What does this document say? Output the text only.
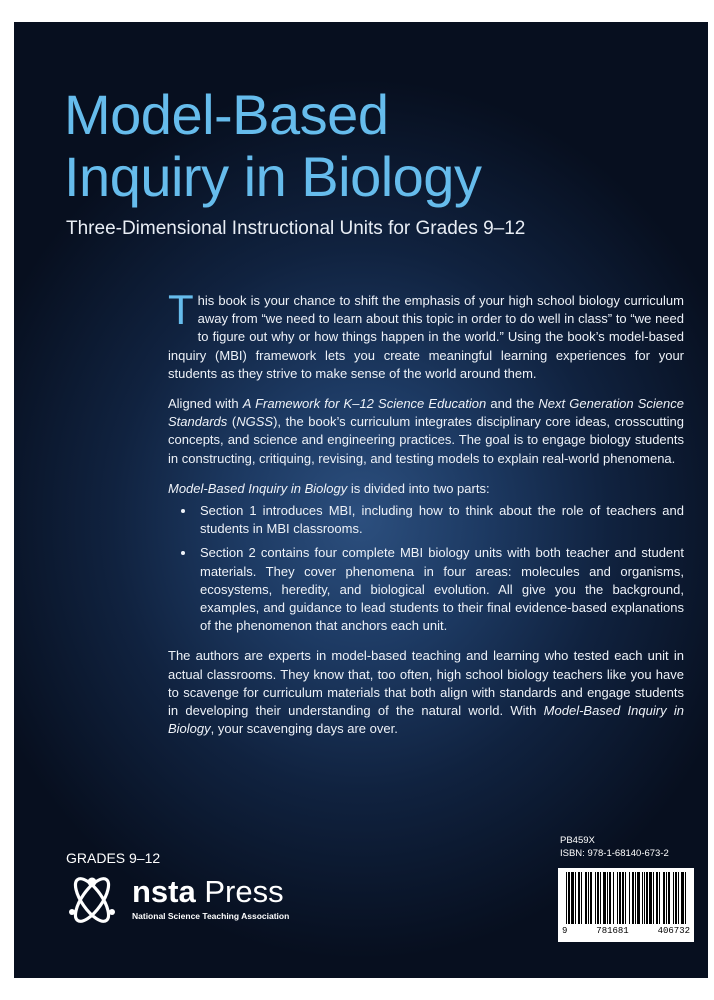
Model-Based
Inquiry in Biology
Three-Dimensional Instructional Units for Grades 9–12

This book is your chance to shift the emphasis of your high school biology curriculum away from “we need to learn about this topic in order to do well in class” to “we need to figure out why or how things happen in the world.” Using the book’s model-based inquiry (MBI) framework lets you create meaningful learning experiences for your students as they strive to make sense of the world around them.

Aligned with A Framework for K–12 Science Education and the Next Generation Science Standards (NGSS), the book’s curriculum integrates disciplinary core ideas, crosscutting concepts, and science and engineering practices. The goal is to engage biology students in constructing, critiquing, revising, and testing models to explain real-world phenomena.

Model-Based Inquiry in Biology is divided into two parts:

• Section 1 introduces MBI, including how to think about the role of teachers and students in MBI classrooms.
• Section 2 contains four complete MBI biology units with both teacher and student materials. They cover phenomena in four areas: molecules and organisms, ecosystems, heredity, and biological evolution. All give you the background, examples, and guidance to lead students to their final evidence-based explanations of the phenomenon that anchors each unit.

The authors are experts in model-based teaching and learning who tested each unit in actual classrooms. They know that, too often, high school biology teachers like you have to scavenge for curriculum materials that both align with standards and engage students in developing their understanding of the natural world. With Model-Based Inquiry in Biology, your scavenging days are over.

GRADES 9–12
nsta Press
National Science Teaching Association
PB459X
ISBN: 978-1-68140-673-2
9	781681	406732
